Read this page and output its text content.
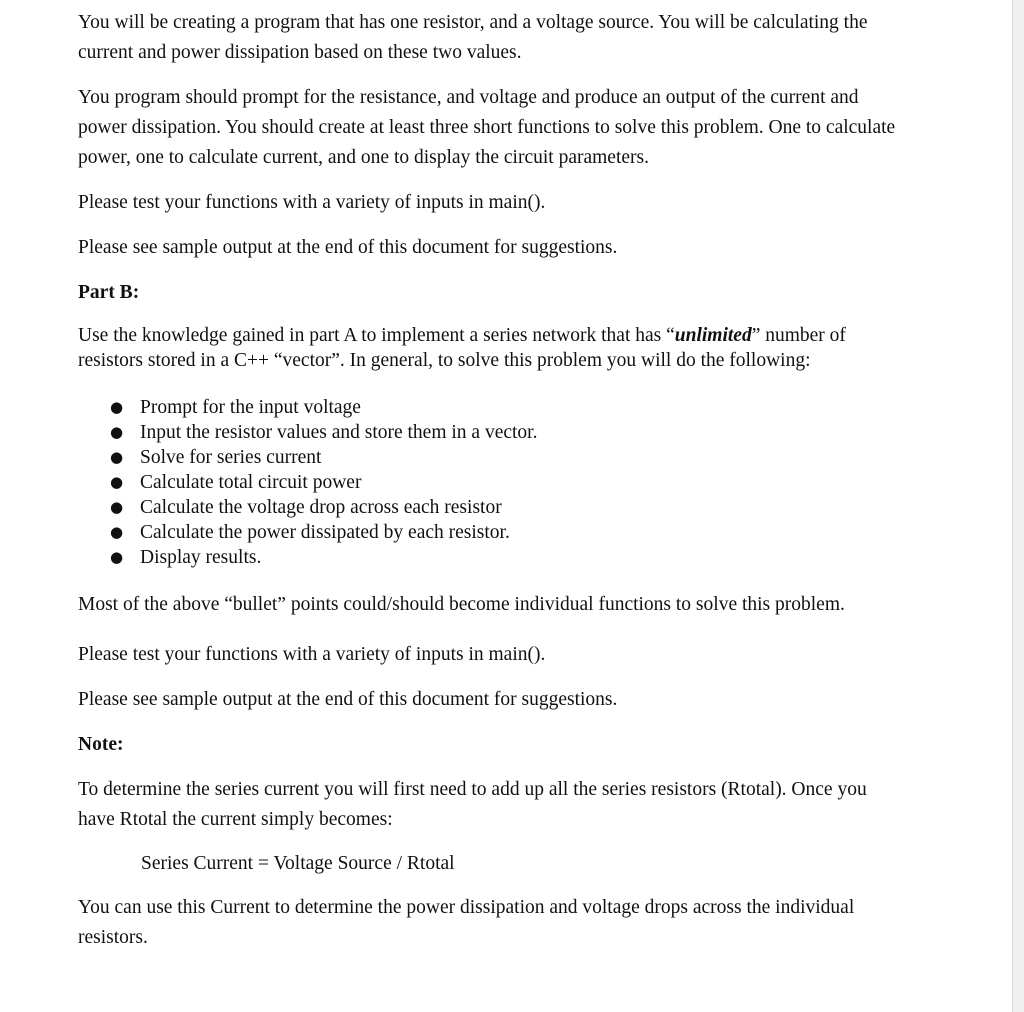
You will be creating a program that has one resistor, and a voltage source. You will be calculating the current and power dissipation based on these two values.

You program should prompt for the resistance, and voltage and produce an output of the current and power dissipation. You should create at least three short functions to solve this problem. One to calculate power, one to calculate current, and one to display the circuit parameters.

Please test your functions with a variety of inputs in main().

Please see sample output at the end of this document for suggestions.

Part B:

Use the knowledge gained in part A to implement a series network that has “unlimited” number of resistors stored in a C++ “vector”. In general, to solve this problem you will do the following:

● Prompt for the input voltage
● Input the resistor values and store them in a vector.
● Solve for series current
● Calculate total circuit power
● Calculate the voltage drop across each resistor
● Calculate the power dissipated by each resistor.
● Display results.

Most of the above “bullet” points could/should become individual functions to solve this problem.

Please test your functions with a variety of inputs in main().

Please see sample output at the end of this document for suggestions.

Note:

To determine the series current you will first need to add up all the series resistors (Rtotal). Once you have Rtotal the current simply becomes:

Series Current = Voltage Source / Rtotal

You can use this Current to determine the power dissipation and voltage drops across the individual resistors.
